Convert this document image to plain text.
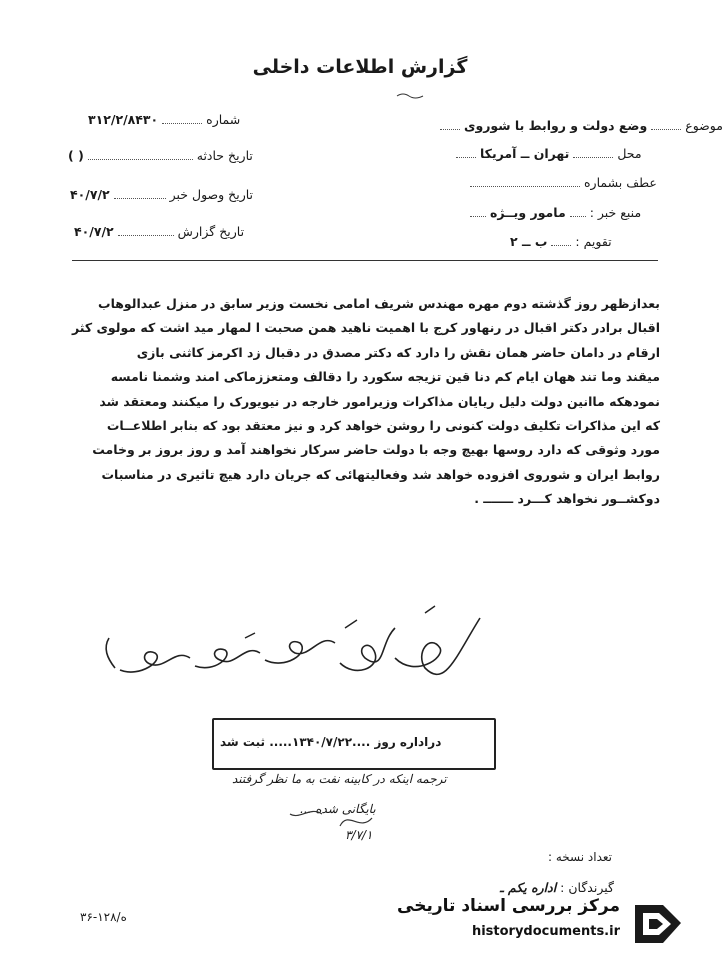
گزارش اطلاعات داخلی
موضوع  وضع دولت و روابط با شوروی
محل  تهران ــ آمریکا
عطف بشماره
منبع خبر :  مامور ویــژه
تقویم :  ب ــ ۲
شماره  ۳۱۲/۲/۸۴۳۰
تاریخ حادثه  ( )
تاریخ وصول خبر  ۴۰/۷/۲
تاریخ گزارش  ۴۰/۷/۲
بعدازظهر روز گذشته دوم مهره مهندس شریف امامی نخست وزیر سابق در منزل عبدالوهاب
اقبال برادر دکتر اقبال در رنهاور کرج با اهمیت ناهید همن صحبت ا لمهار مید اشت که مولوی کثر
ارقام در دامان حاضر همان نقش را دارد که دکتر مصدق در دقبال زد اکرمز کاثنی بازی
میقند وما تند ههان ایام کم دنا قین تزیجه سکورد را دقالف ومتعززماکی امند وشمنا نامسه
نمودهکه ماانین دولت دلیل ریایان مذاکرات وزیرامور خارجه در نیویورک را میکنند ومعتقد شد
که این مذاکرات تکلیف دولت کنونی را روشن خواهد کرد و نیز معتقد بود که بنابر اطلاعــات
مورد وثوقی که دارد روسها بهیچ وجه با دولت حاضر سرکار نخواهند آمد و روز بروز بر وخامت
روابط ایران و شوروی افزوده خواهد شد وفعالیتهائی که جریان دارد هیچ تاثیری در مناسبات
دوکشــور نخواهد کـــرد ـــــــ .
دراداره روز ....۱۳۴۰/۷/۲۲..... ثبت شد
ترجمه اینکه در کابینه نفت به ما نظر گرفتند
بایگانی شده ...
۳/۷/۱
تعداد نسخه :
گیرندگان : اداره یکم ـ
۳۶-۱۲۸/ه
مرکز بررسی اسناد تاریخی
historydocuments.ir
